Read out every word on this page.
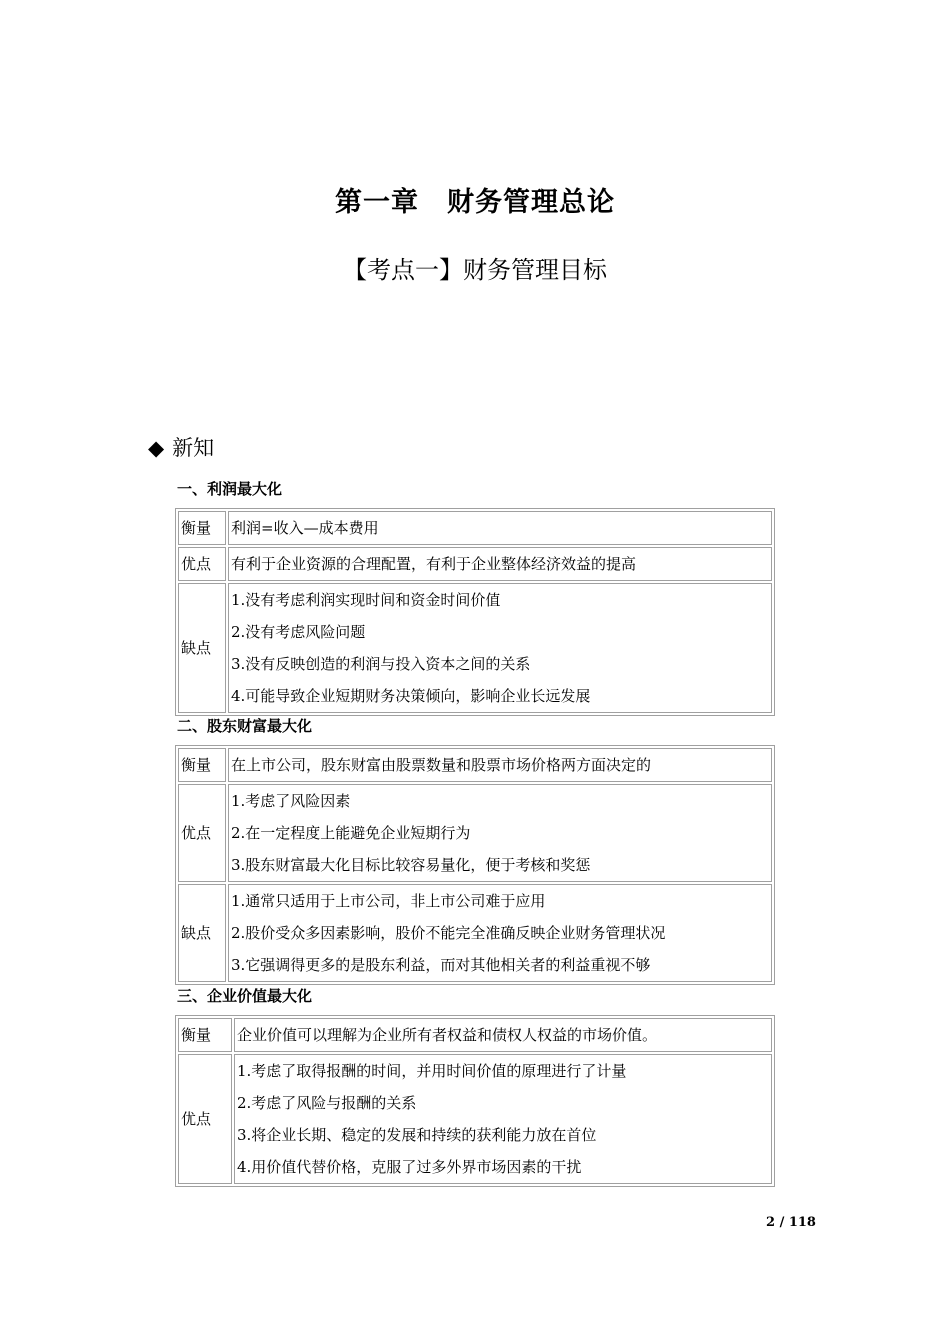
第一章　财务管理总论
【考点一】财务管理目标
◆ 新知
一、利润最大化
衡量	利润=收入—成本费用
优点	有利于企业资源的合理配置，有利于企业整体经济效益的提高
缺点	1.没有考虑利润实现时间和资金时间价值
2.没有考虑风险问题
3.没有反映创造的利润与投入资本之间的关系
4.可能导致企业短期财务决策倾向，影响企业长远发展
二、股东财富最大化
衡量	在上市公司，股东财富由股票数量和股票市场价格两方面决定的
优点	1.考虑了风险因素
2.在一定程度上能避免企业短期行为
3.股东财富最大化目标比较容易量化，便于考核和奖惩

缺点	1.通常只适用于上市公司，非上市公司难于应用
2.股价受众多因素影响，股价不能完全准确反映企业财务管理状况
3.它强调得更多的是股东利益，而对其他相关者的利益重视不够
三、企业价值最大化
衡量	企业价值可以理解为企业所有者权益和债权人权益的市场价值。
优点	1.考虑了取得报酬的时间，并用时间价值的原理进行了计量
2.考虑了风险与报酬的关系
3.将企业长期、稳定的发展和持续的获利能力放在首位
4.用价值代替价格，克服了过多外界市场因素的干扰
2 / 118
